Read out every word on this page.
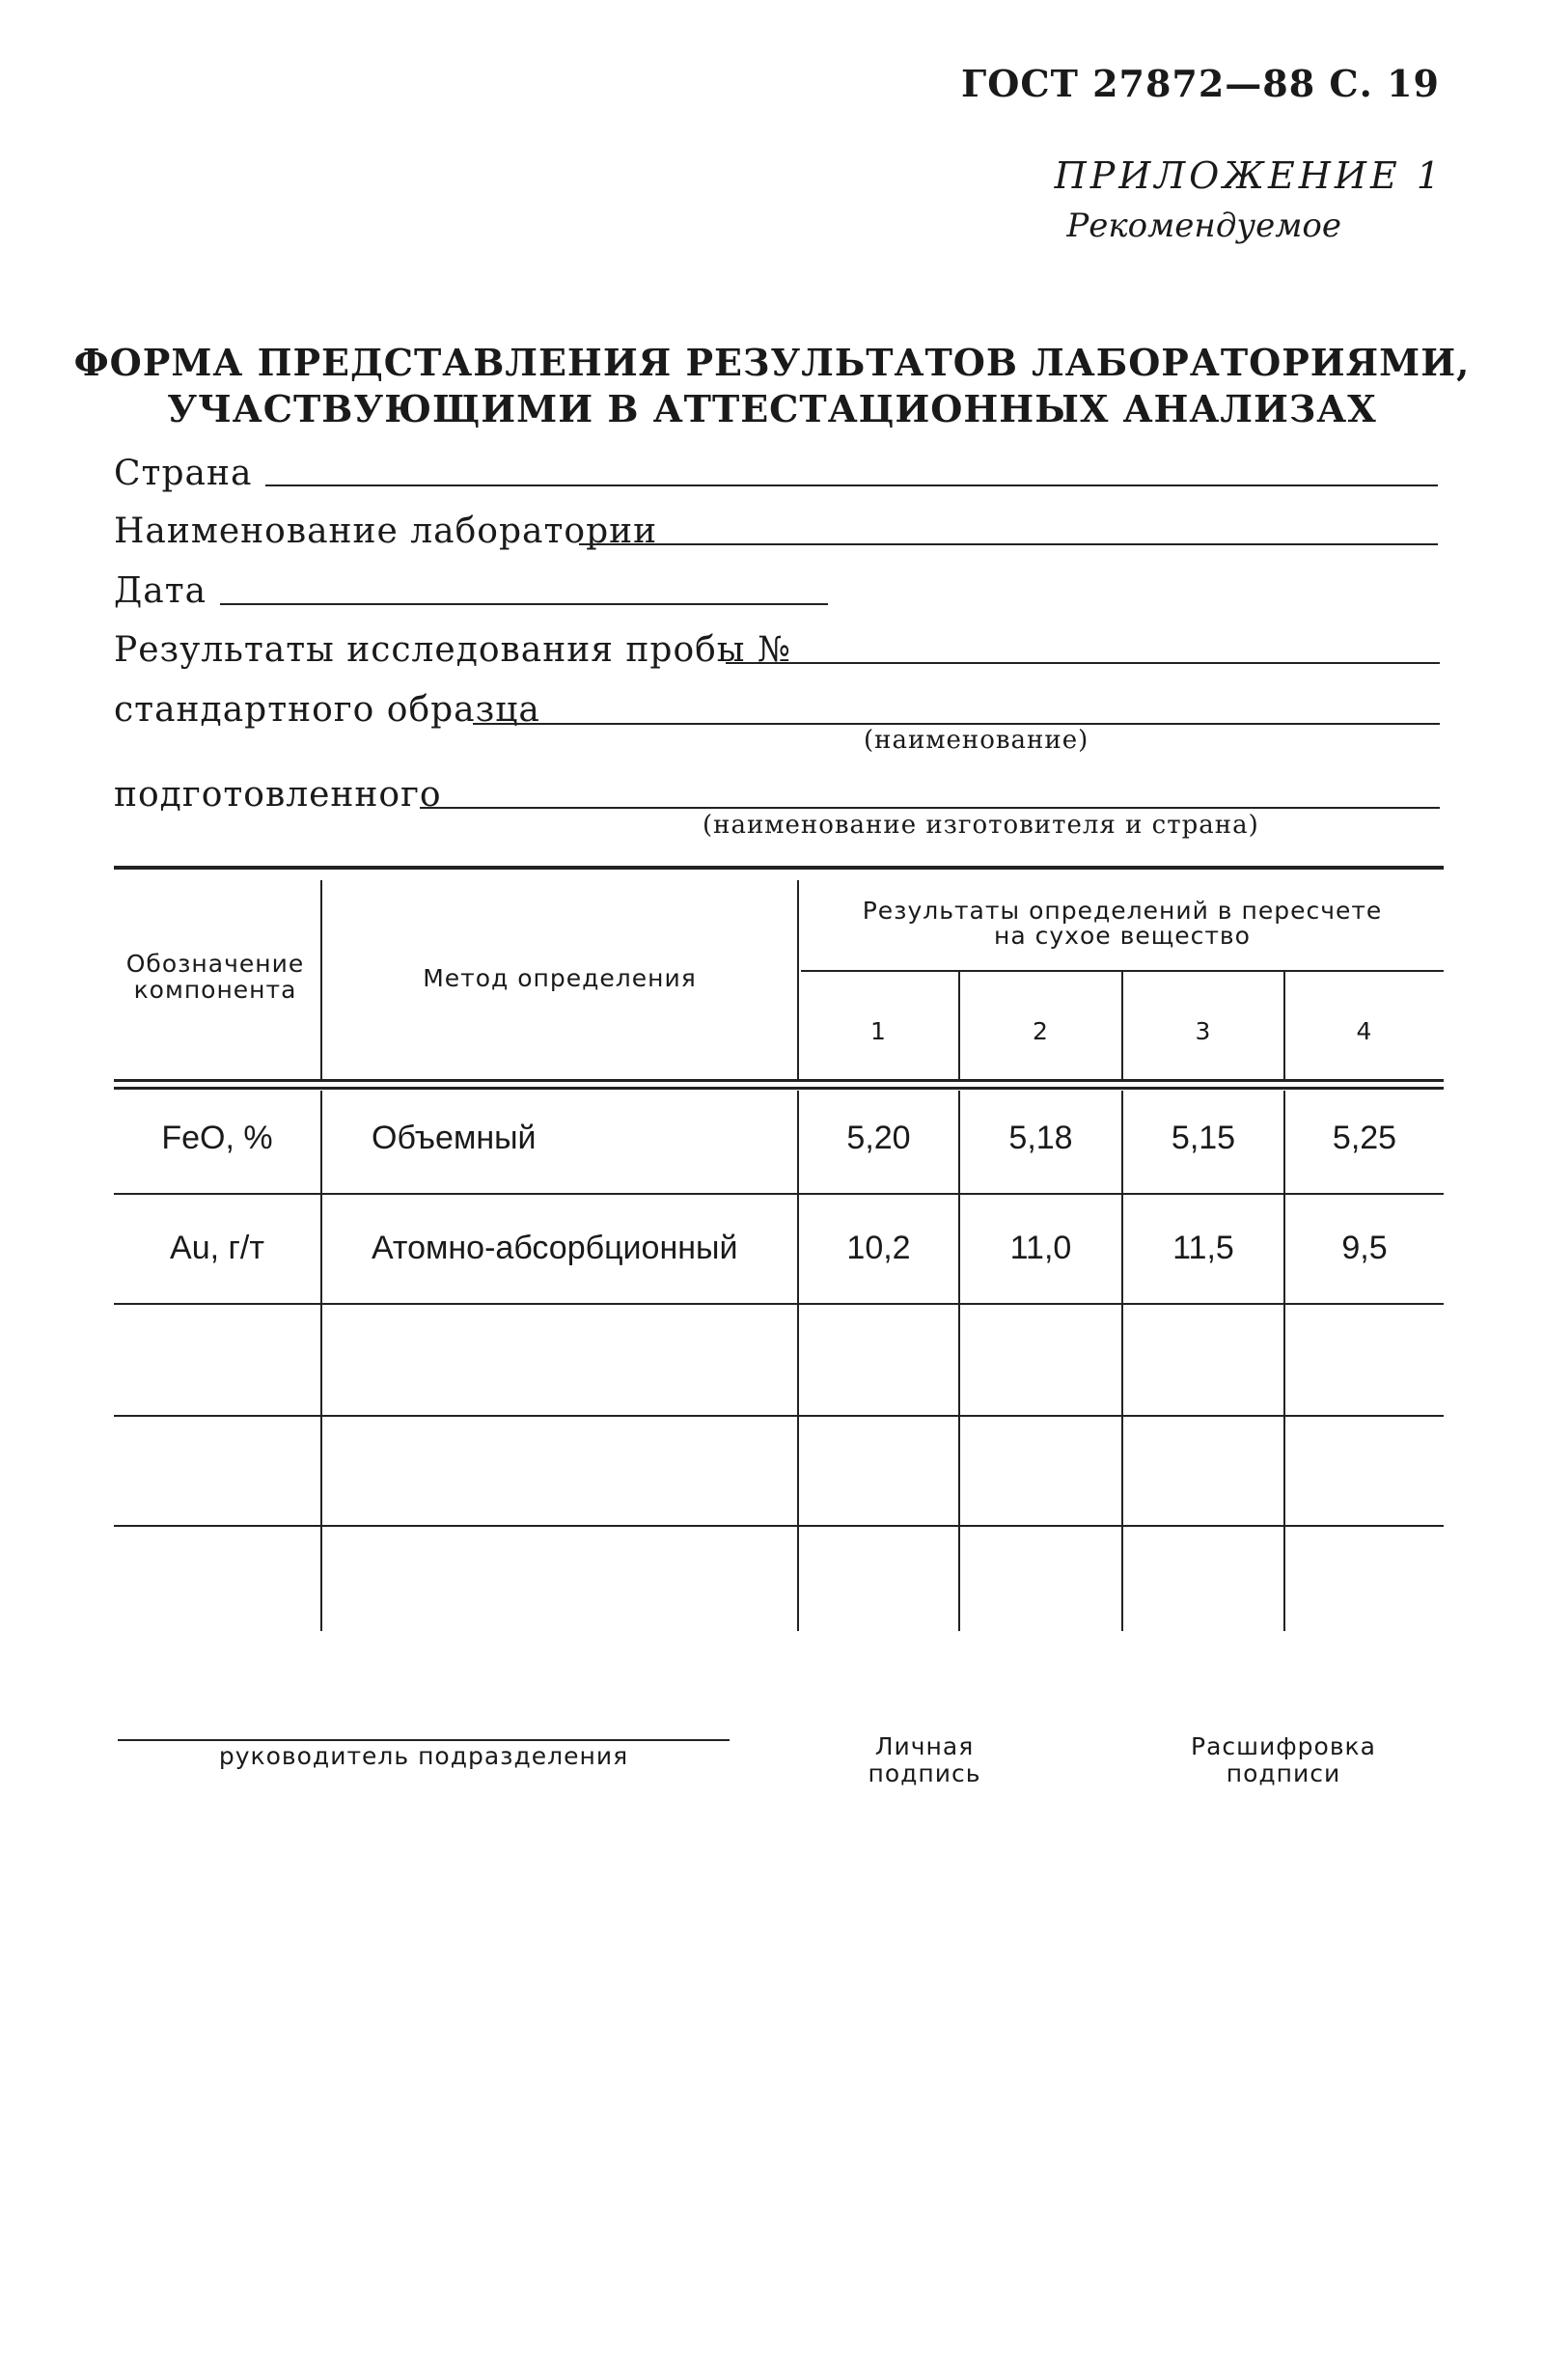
ГОСТ 27872—88 С. 19
ПРИЛОЖЕНИЕ 1
Рекомендуемое
ФОРМА ПРЕДСТАВЛЕНИЯ РЕЗУЛЬТАТОВ ЛАБОРАТОРИЯМИ,
УЧАСТВУЮЩИМИ В АТТЕСТАЦИОННЫХ АНАЛИЗАХ
Страна
Наименование лаборатории
Дата
Результаты исследования пробы №
стандартного образца
(наименование)
подготовленного
(наименование изготовителя и страна)
Обозначение компонента	Метод определения
Результаты определений в пересчете
на сухое вещество
1	2	3	4
FeO, %	Объемный	5,20	5,18	5,15	5,25
Au, г/т	Атомно-абсорбционный	10,2	11,0	11,5	9,5
руководитель подразделения	Личная
подпись
Расшифровка
подписи
